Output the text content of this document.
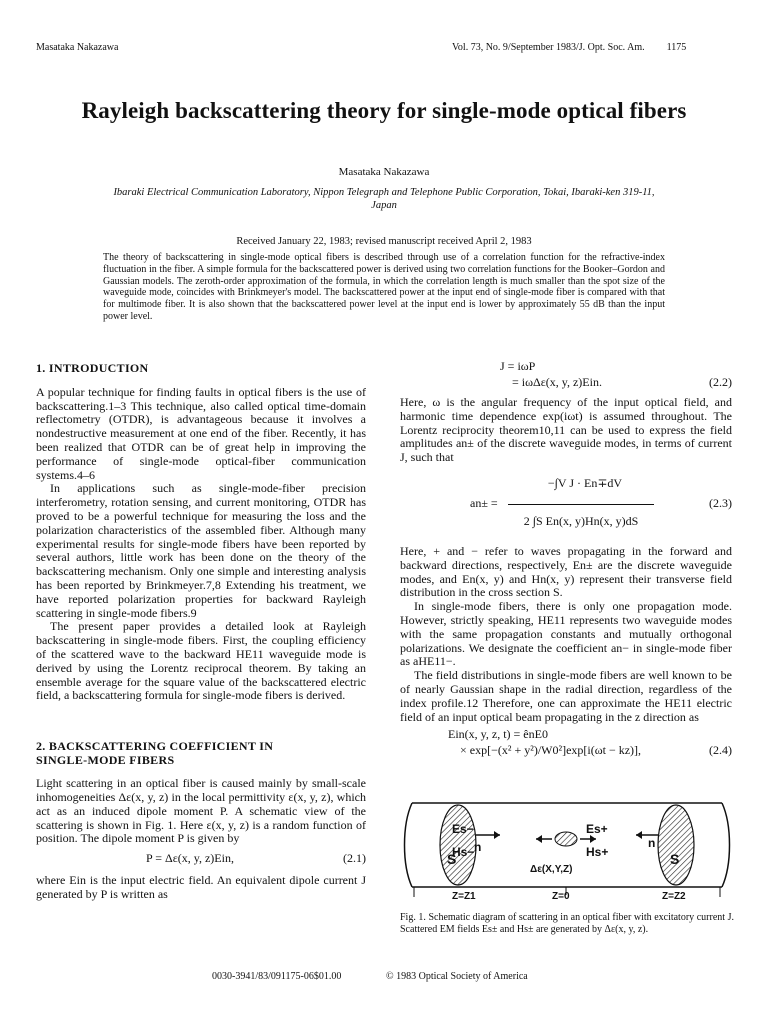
Masataka Nakazawa	Vol. 73, No. 9/September 1983/J. Opt. Soc. Am. 1175
Rayleigh backscattering theory for single-mode optical fibers
Masataka Nakazawa
Ibaraki Electrical Communication Laboratory, Nippon Telegraph and Telephone Public Corporation, Tokai, Ibaraki-ken 319-11, Japan
Received January 22, 1983; revised manuscript received April 2, 1983
The theory of backscattering in single-mode optical fibers is described through use of a correlation function for the refractive-index fluctuation in the fiber. A simple formula for the backscattered power is derived using two correlation functions for the Booker–Gordon and Gaussian models. The zeroth-order approximation of the formula, in which the correlation length is much smaller than the spot size of the waveguide mode, coincides with Brinkmeyer's model. The backscattered power at the input end of single-mode fiber is compared with that for multimode fiber. It is also shown that the backscattered power level at the input end is lower by approximately 55 dB than the input power level.
1. INTRODUCTION

A popular technique for finding faults in optical fibers is the use of backscattering.1–3 This technique, also called optical time-domain reflectometry (OTDR), is advantageous because it involves a nondestructive measurement at one end of the fiber. Recently, it has been realized that OTDR can be of great help in improving the performance of single-mode optical-fiber communication systems.4–6

In applications such as single-mode-fiber precision interferometry, rotation sensing, and current monitoring, OTDR has proved to be a powerful technique for measuring the loss and the polarization characteristics of the assembled fiber. Although many experimental results for single-mode fibers have been reported by several authors, little work has been done on the theory of the backscattering mechanism. Only one simple and interesting analysis has been reported by Brinkmeyer.7,8 Extending his treatment, we have reported polarization properties for backward Rayleigh scattering in single-mode fibers.9

The present paper provides a detailed look at Rayleigh backscattering in single-mode fibers. First, the coupling efficiency of the scattered wave to the backward HE11 waveguide mode is derived by using the Lorentz reciprocal theorem. By taking an ensemble average for the square value of the backscattered electric field, a backscattering formula for single-mode fibers is derived.

2. BACKSCATTERING COEFFICIENT IN
SINGLE-MODE FIBERS

Light scattering in an optical fiber is caused mainly by small-scale inhomogeneities Δε(x, y, z) in the local permittivity ε(x, y, z), which act as an induced dipole moment P. A schematic view of the scattering is shown in Fig. 1. Here ε(x, y, z) is a random function of position. The dipole moment P is given by

P = Δε(x, y, z)Ein,	(2.1)

where Ein is the input electric field. An equivalent dipole current J generated by P is written as

J = iωP
= iωΔε(x, y, z)Ein.	(2.2)

Here, ω is the angular frequency of the input optical field, and harmonic time dependence exp(iωt) is assumed throughout. The Lorentz reciprocity theorem10,11 can be used to express the field amplitudes an± of the discrete waveguide modes, in terms of current J, such that

an± =
−∫V J · En∓dV
2 ∫S En(x, y)Hn(x, y)dS
(2.3)

Here, + and − refer to waves propagating in the forward and backward directions, respectively, En± are the discrete waveguide modes, and En(x, y) and Hn(x, y) represent their transverse field distribution in the cross section S.

In single-mode fibers, there is only one propagation mode. However, strictly speaking, HE11 represents two waveguide modes with the same propagation constants and mutually orthogonal polarizations. We designate the coefficient an− in single-mode fiber as aHE11−.

The field distributions in single-mode fibers are well known to be of nearly Gaussian shape in the radial direction, regardless of the index profile.12 Therefore, one can approximate the HE11 electric field of an input optical beam propagating in the z direction as

Ein(x, y, z, t) = ênE0
× exp[−(x² + y²)/W0²]exp[i(ωt − kz)],	(2.4)
Es−	Es+
Hs−	Hs+
S	S
n	n
Δε(X,Y,Z)
Z=Z1	Z=0	Z=Z2
Fig. 1. Schematic diagram of scattering in an optical fiber with excitatory current J. Scattered EM fields Es± and Hs± are generated by Δε(x, y, z).
0030-3941/83/091175-06$01.00	© 1983 Optical Society of America
